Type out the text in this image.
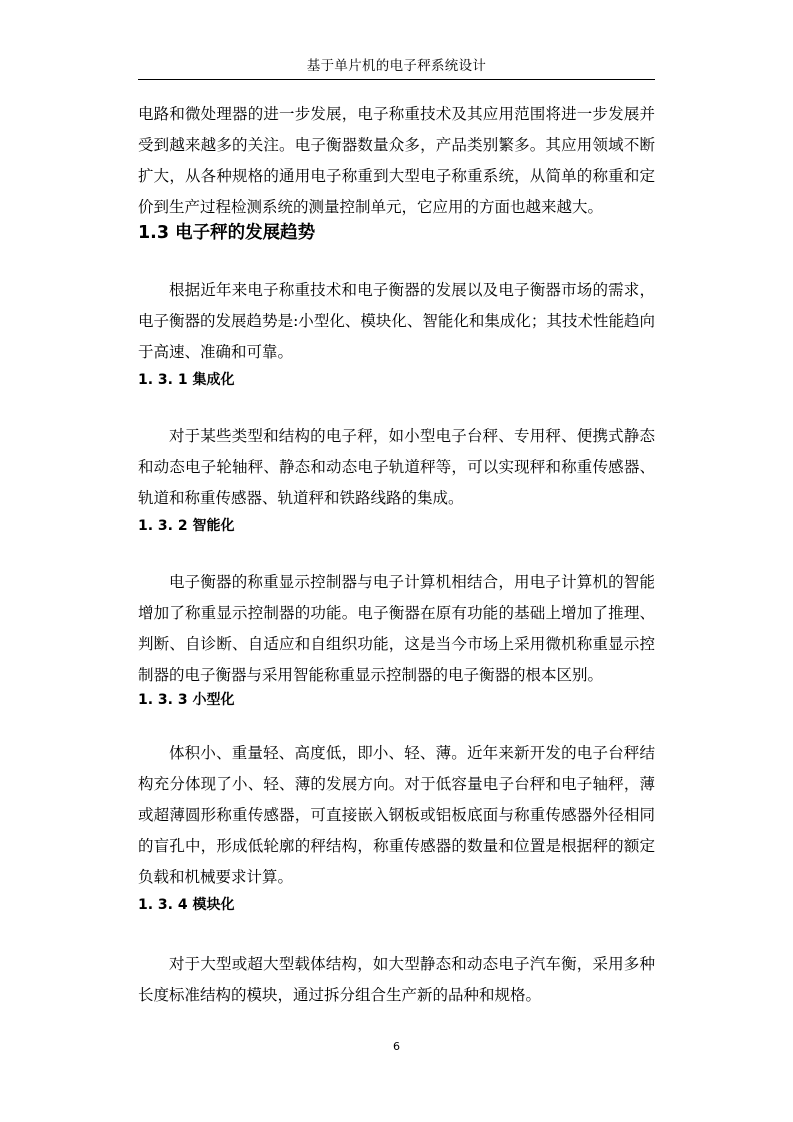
基于单片机的电子秤系统设计

电路和微处理器的进一步发展，电子称重技术及其应用范围将进一步发展并受到越来越多的关注。电子衡器数量众多，产品类别繁多。其应用领域不断扩大，从各种规格的通用电子称重到大型电子称重系统，从简单的称重和定价到生产过程检测系统的测量控制单元，它应用的方面也越来越大。

1.3 电子秤的发展趋势

根据近年来电子称重技术和电子衡器的发展以及电子衡器市场的需求，电子衡器的发展趋势是:小型化、模块化、智能化和集成化；其技术性能趋向于高速、准确和可靠。

1. 3. 1 集成化

对于某些类型和结构的电子秤，如小型电子台秤、专用秤、便携式静态和动态电子轮轴秤、静态和动态电子轨道秤等，可以实现秤和称重传感器、轨道和称重传感器、轨道秤和铁路线路的集成。

1. 3. 2 智能化

电子衡器的称重显示控制器与电子计算机相结合，用电子计算机的智能增加了称重显示控制器的功能。电子衡器在原有功能的基础上增加了推理、判断、自诊断、自适应和自组织功能，这是当今市场上采用微机称重显示控制器的电子衡器与采用智能称重显示控制器的电子衡器的根本区别。

1. 3. 3 小型化

体积小、重量轻、高度低，即小、轻、薄。近年来新开发的电子台秤结构充分体现了小、轻、薄的发展方向。对于低容量电子台秤和电子轴秤，薄或超薄圆形称重传感器，可直接嵌入钢板或铝板底面与称重传感器外径相同的盲孔中，形成低轮廓的秤结构，称重传感器的数量和位置是根据秤的额定负载和机械要求计算。

1. 3. 4 模块化

对于大型或超大型载体结构，如大型静态和动态电子汽车衡，采用多种长度标准结构的模块，通过拆分组合生产新的品种和规格。

6
